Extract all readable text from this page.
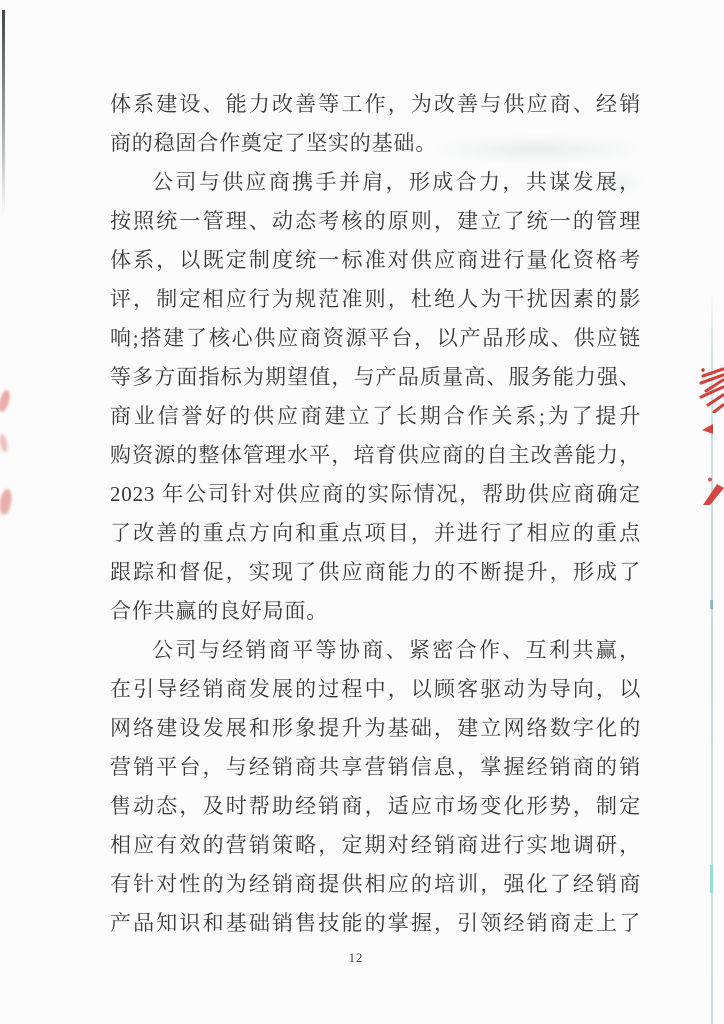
体系建设、能力改善等工作，为改善与供应商、经销
商的稳固合作奠定了坚实的基础。
公司与供应商携手并肩，形成合力，共谋发展，
按照统一管理、动态考核的原则，建立了统一的管理
体系，以既定制度统一标准对供应商进行量化资格考
评，制定相应行为规范准则，杜绝人为干扰因素的影
响;搭建了核心供应商资源平台，以产品形成、供应链
等多方面指标为期望值，与产品质量高、服务能力强、
商业信誉好的供应商建立了长期合作关系;为了提升
购资源的整体管理水平，培育供应商的自主改善能力，
2023 年公司针对供应商的实际情况，帮助供应商确定
了改善的重点方向和重点项目，并进行了相应的重点
跟踪和督促，实现了供应商能力的不断提升，形成了
合作共赢的良好局面。
公司与经销商平等协商、紧密合作、互利共赢，
在引导经销商发展的过程中，以顾客驱动为导向，以
网络建设发展和形象提升为基础，建立网络数字化的
营销平台，与经销商共享营销信息，掌握经销商的销
售动态，及时帮助经销商，适应市场变化形势，制定
相应有效的营销策略，定期对经销商进行实地调研，
有针对性的为经销商提供相应的培训，强化了经销商
产品知识和基础销售技能的掌握，引领经销商走上了
12
